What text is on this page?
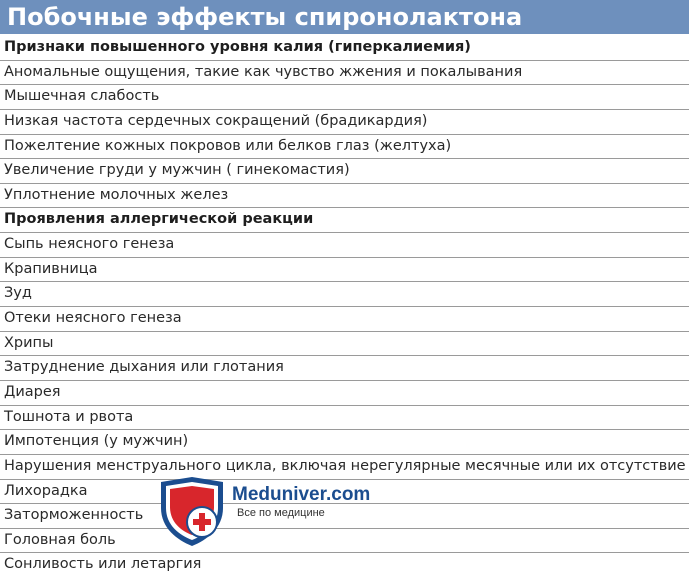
Побочные эффекты спиронолактона
Признаки повышенного уровня калия (гиперкалиемия)
Аномальные ощущения, такие как чувство жжения и покалывания
Мышечная слабость
Низкая частота сердечных сокращений (брадикардия)
Пожелтение кожных покровов или белков глаз (желтуха)
Увеличение груди у мужчин ( гинекомастия)
Уплотнение молочных желез
Проявления аллергической реакции
Сыпь неясного генеза
Крапивница
Зуд
Отеки неясного генеза
Хрипы
Затруднение дыхания или глотания
Диарея
Тошнота и рвота
Импотенция (у мужчин)
Нарушения менструального цикла, включая нерегулярные месячные или их отсутствие
Лихорадка
Заторможенность
Головная боль
Сонливость или летаргия
Meduniver.com
Все по медицине
